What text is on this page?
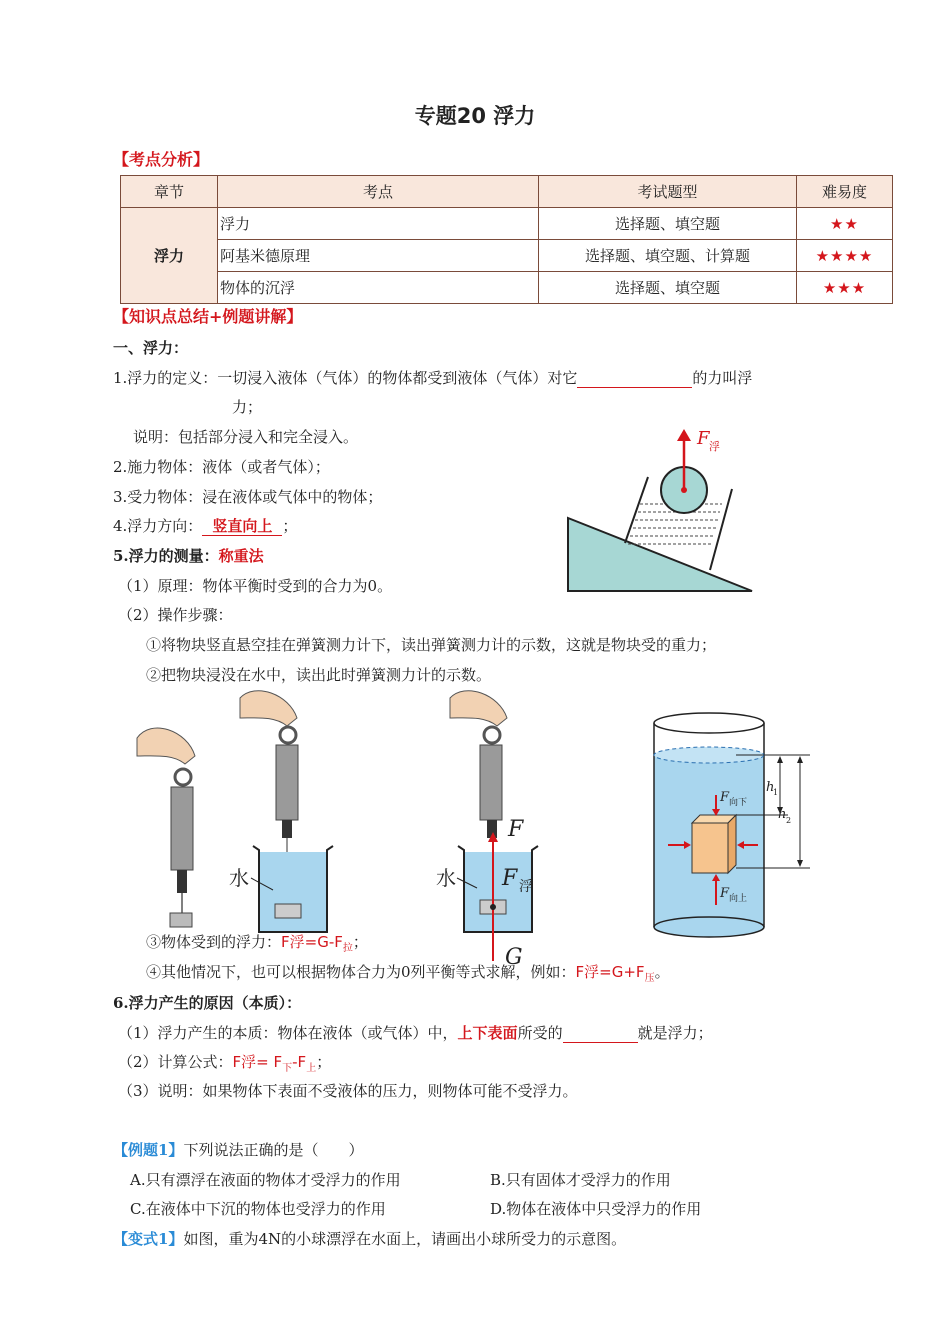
专题20 浮力
【考点分析】
章节	考点	考试题型	难易度
浮力	浮力	选择题、填空题	★★
	阿基米德原理	选择题、填空题、计算题	★★★★
	物体的沉浮	选择题、填空题	★★★
【知识点总结+例题讲解】
一、浮力：
1.浮力的定义：一切浸入液体（气体）的物体都受到液体（气体）对它	的力叫浮
力；
说明：包括部分浸入和完全浸入。
2.施力物体：液体（或者气体）；
3.受力物体：浸在液体或气体中的物体；
4.浮力方向： 竖直向上 ；
5.浮力的测量：称重法
（1）原理：物体平衡时受到的合力为0。
（2）操作步骤：
①将物块竖直悬空挂在弹簧测力计下，读出弹簧测力计的示数，这就是物块受的重力；
②把物块浸没在水中，读出此时弹簧测力计的示数。
F 浮
水
F
F 浮
水
G
F 向下
F 向上
h
1
h 2
③物体受到的浮力：F浮$=G-F_拉$；
④其他情况下，也可以根据物体合力为0列平衡等式求解，例如：F浮$=G+F_压$。
6.浮力产生的原因（本质）：
（1）浮力产生的本质：物体在液体（或气体）中，上下表面所受的	就是浮力；
（2）计算公式：F浮= $F_下-F_上$；
（3）说明：如果物体下表面不受液体的压力，则物体可能不受浮力。
【例题1】下列说法正确的是（　　）
A.只有漂浮在液面的物体才受浮力的作用	B.只有固体才受浮力的作用
C.在液体中下沉的物体也受浮力的作用	D.物体在液体中只受浮力的作用
【变式1】如图，重为4N的小球漂浮在水面上，请画出小球所受力的示意图。
